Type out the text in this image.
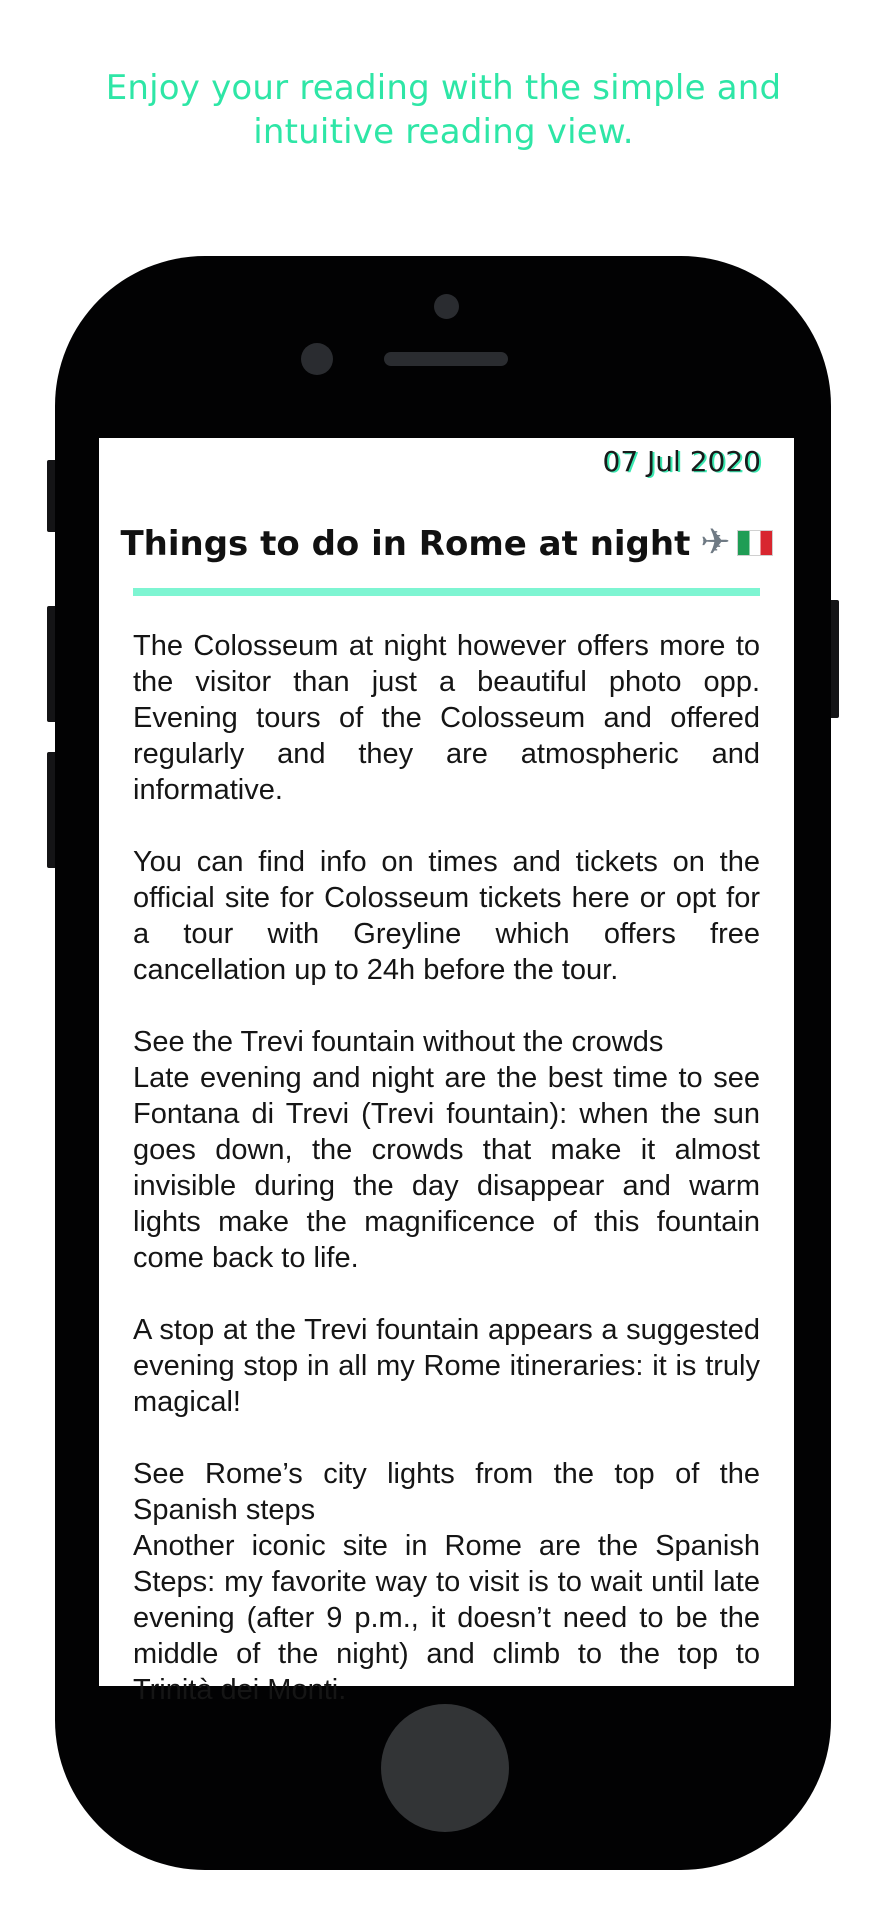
Enjoy your reading with the simple and intuitive reading view.
07 Jul 2020
Things to do in Rome at night ✈

The Colosseum at night however offers more to the visitor than just a beautiful photo opp. Evening tours of the Colosseum and offered regularly and they are atmospheric and informative.

You can find info on times and tickets on the official site for Colosseum tickets here or opt for a tour with Greyline which offers free cancellation up to 24h before the tour.

See the Trevi fountain without the crowds
Late evening and night are the best time to see Fontana di Trevi (Trevi fountain): when the sun goes down, the crowds that make it almost invisible during the day disappear and warm lights make the magnificence of this fountain come back to life.

A stop at the Trevi fountain appears a suggested evening stop in all my Rome itineraries: it is truly magical!

See Rome’s city lights from the top of the Spanish steps
Another iconic site in Rome are the Spanish Steps: my favorite way to visit is to wait until late evening (after 9 p.m., it doesn’t need to be the middle of the night) and climb to the top to Trinità dei Monti.
